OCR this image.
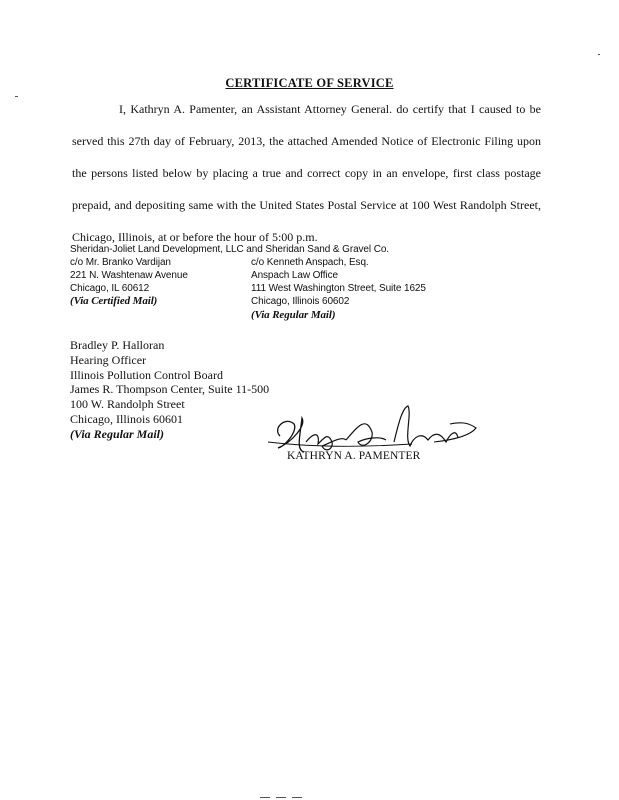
CERTIFICATE OF SERVICE
I, Kathryn A. Pamenter, an Assistant Attorney General. do certify that I caused to be
served this 27th day of February, 2013, the attached Amended Notice of Electronic Filing upon
the persons listed below by placing a true and correct copy in an envelope, first class postage
prepaid, and depositing same with the United States Postal Service at 100 West Randolph Street,
Chicago, Illinois, at or before the hour of 5:00 p.m.
Sheridan-Joliet Land Development, LLC and Sheridan Sand & Gravel Co.
c/o Mr. Branko Vardijan
221 N. Washtenaw Avenue
Chicago, IL 60612
(Via Certified Mail)
c/o Kenneth Anspach, Esq.
Anspach Law Office
111 West Washington Street, Suite 1625
Chicago, Illinois 60602
(Via Regular Mail)
Bradley P. Halloran
Hearing Officer
Illinois Pollution Control Board
James R. Thompson Center, Suite 11-500
100 W. Randolph Street
Chicago, Illinois 60601
(Via Regular Mail)
KATHRYN A. PAMENTER
